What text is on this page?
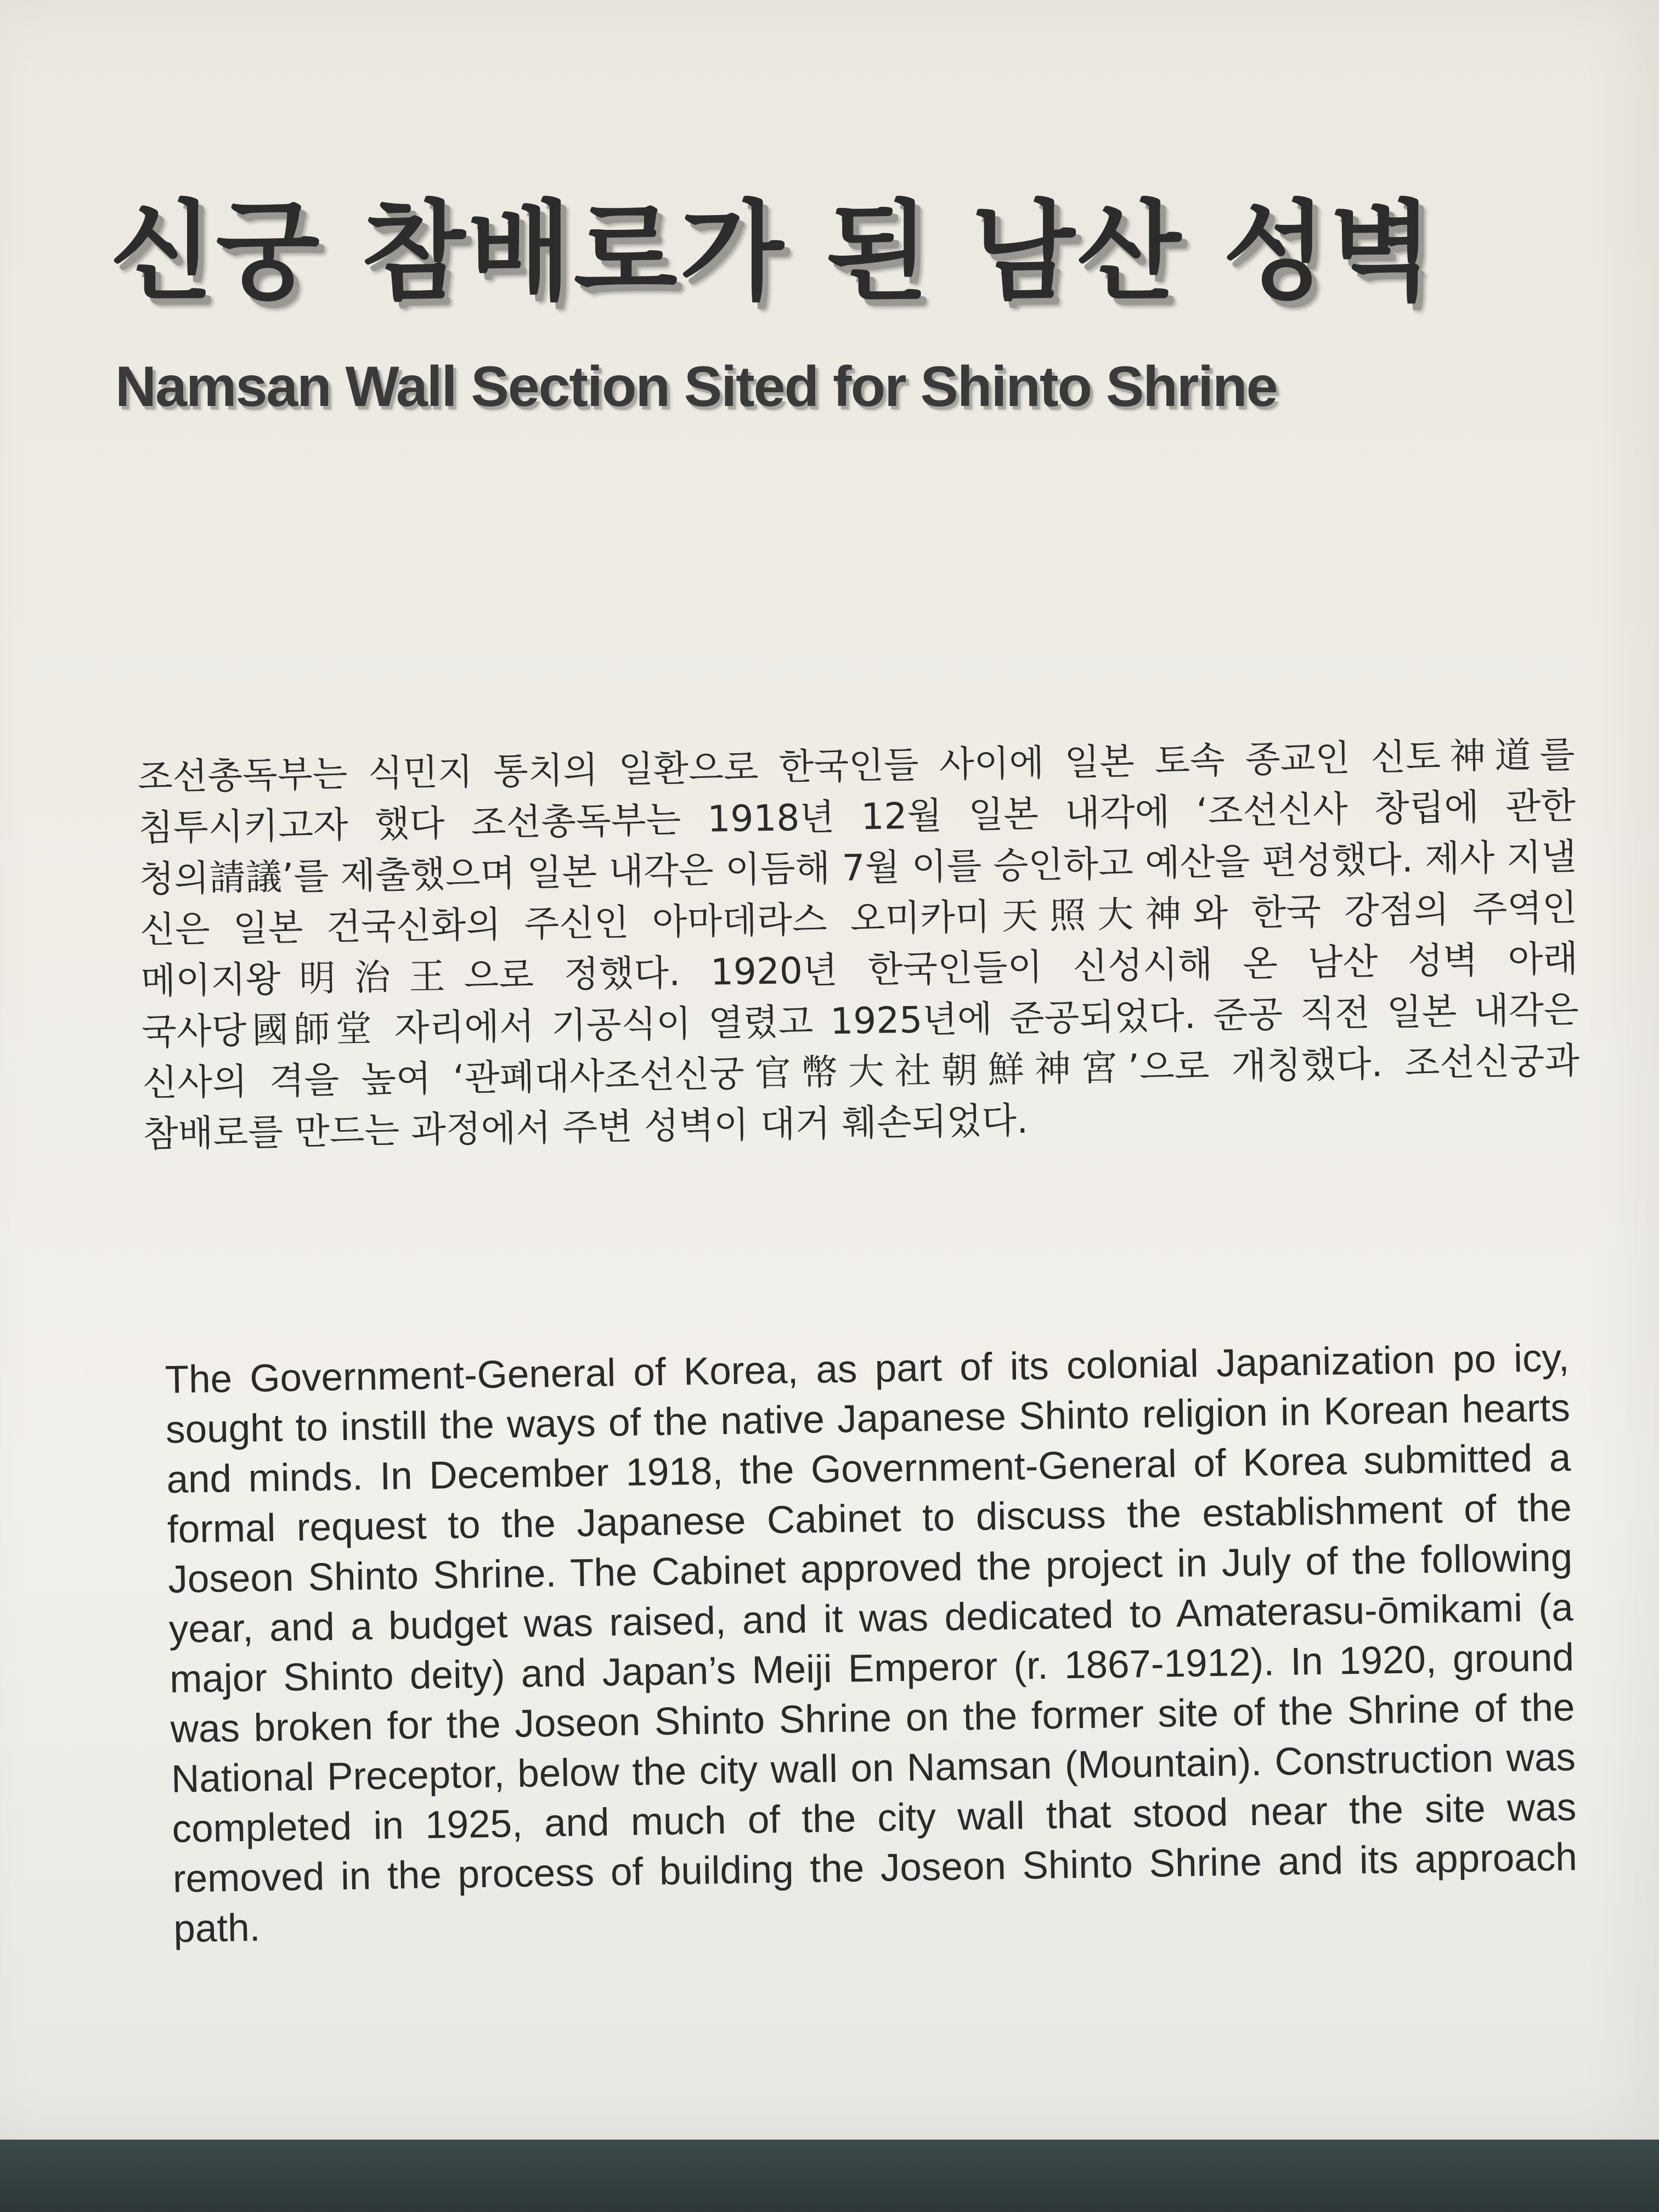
신궁 참배로가 된 남산 성벽
Namsan Wall Section Sited for Shinto Shrine

조선총독부는 식민지 통치의 일환으로 한국인들 사이에 일본 토속 종교인 신토神道를 침투시키고자 했다 조선총독부는 1918년 12월 일본 내각에 ‘조선신사 창립에 관한 청의請議’를 제출했으며 일본 내각은 이듬해 7월 이를 승인하고 예산을 편성했다. 제사 지낼 신은 일본 건국신화의 주신인 아마데라스 오미카미天照大神와 한국 강점의 주역인 메이지왕明治王으로 정했다. 1920년 한국인들이 신성시해 온 남산 성벽 아래 국사당國師堂 자리에서 기공식이 열렸고 1925년에 준공되었다. 준공 직전 일본 내각은 신사의 격을 높여 ‘관폐대사조선신궁官幣大社朝鮮神宮’으로 개칭했다. 조선신궁과 참배로를 만드는 과정에서 주변 성벽이 대거 훼손되었다.

The Government-General of Korea, as part of its colonial Japanization po icy, sought to instill the ways of the native Japanese Shinto religion in Korean hearts and minds. In December 1918, the Government-General of Korea submitted a formal request to the Japanese Cabinet to discuss the establishment of the Joseon Shinto Shrine. The Cabinet approved the project in July of the following year, and a budget was raised, and it was dedicated to Amaterasu-ōmikami (a major Shinto deity) and Japan’s Meiji Emperor (r. 1867-1912). In 1920, ground was broken for the Joseon Shinto Shrine on the former site of the Shrine of the National Preceptor, below the city wall on Namsan (Mountain). Construction was completed in 1925, and much of the city wall that stood near the site was removed in the process of building the Joseon Shinto Shrine and its approach path.
